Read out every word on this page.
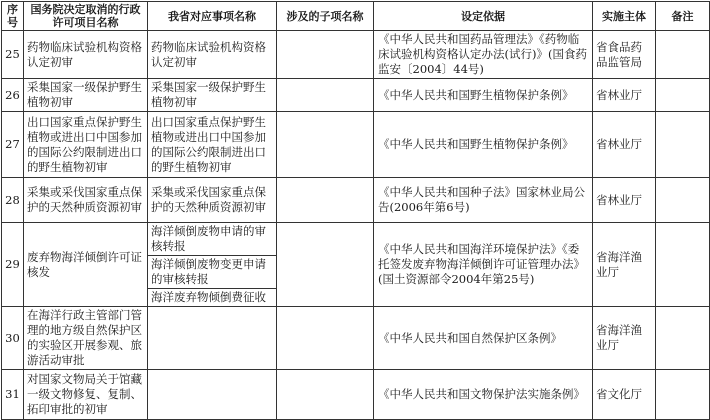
序号	国务院决定取消的行政许可项目名称	我省对应事项名称	涉及的子项名称	设定依据	实施主体	备注
25	药物临床试验机构资格认定初审	药物临床试验机构资格认定初审		《中华人民共和国药品管理法》《药物临床试验机构资格认定办法(试行)》(国食药监安〔2004〕44号)	省食品药品监管局	
26	采集国家一级保护野生植物初审	采集国家一级保护野生植物初审		《中华人民共和国野生植物保护条例》	省林业厅	
27	出口国家重点保护野生植物或进出口中国参加的国际公约限制进出口的野生植物初审	出口国家重点保护野生植物或进出口中国参加的国际公约限制进出口的野生植物初审		《中华人民共和国野生植物保护条例》	省林业厅	
28	采集或采伐国家重点保护的天然种质资源初审	采集或采伐国家重点保护的天然种质资源初审		《中华人民共和国种子法》国家林业局公告(2006年第6号)	省林业厅	
29	废弃物海洋倾倒许可证核发	海洋倾倒废物申请的审核转报		《中华人民共和国海洋环境保护法》《委托签发废弃物海洋倾倒许可证管理办法》(国土资源部令2004年第25号)	省海洋渔业厅	
		海洋倾倒废物变更申请的审核转报				
		海洋废弃物倾倒费征收				
30	在海洋行政主管部门管理的地方级自然保护区的实验区开展参观、旅游活动审批			《中华人民共和国自然保护区条例》	省海洋渔业厅	
31	对国家文物局关于馆藏一级文物修复、复制、拓印审批的初审			《中华人民共和国文物保护法实施条例》	省文化厅	
